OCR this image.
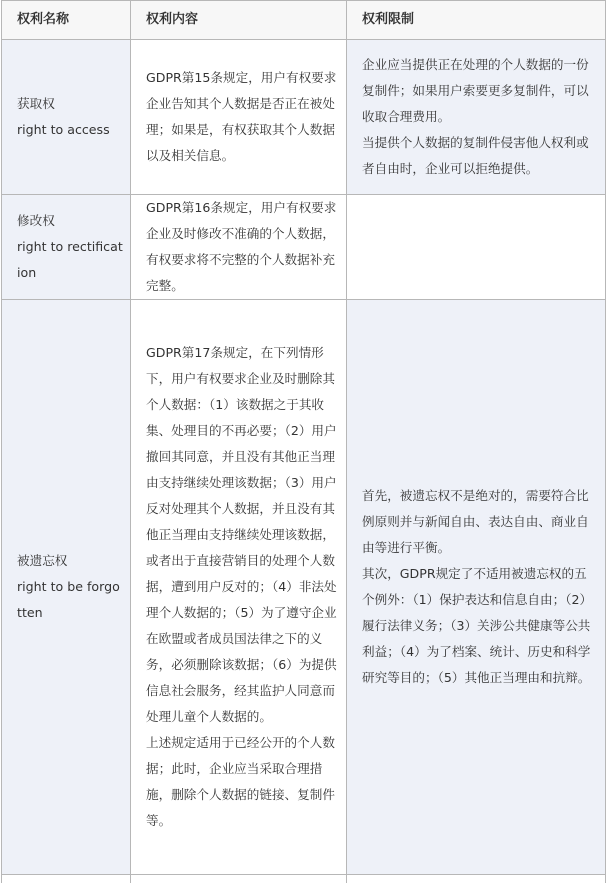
权利名称	权利内容	权利限制

获取权
right to access	GDPR第15条规定，用户有权要求企业告知其个人数据是否正在被处理；如果是，有权获取其个人数据以及相关信息。	企业应当提供正在处理的个人数据的一份复制件；如果用户索要更多复制件，可以收取合理费用。
当提供个人数据的复制件侵害他人权利或者自由时，企业可以拒绝提供。

修改权
right to rectification	GDPR第16条规定，用户有权要求企业及时修改不准确的个人数据，有权要求将不完整的个人数据补充完整。	

被遗忘权
right to be forgotten	GDPR第17条规定，在下列情形下，用户有权要求企业及时删除其个人数据：（1）该数据之于其收集、处理目的不再必要；（2）用户撤回其同意，并且没有其他正当理由支持继续处理该数据；（3）用户反对处理其个人数据，并且没有其他正当理由支持继续处理该数据，或者出于直接营销目的处理个人数据，遭到用户反对的；（4）非法处理个人数据的；（5）为了遵守企业在欧盟或者成员国法律之下的义务，必须删除该数据；（6）为提供信息社会服务，经其监护人同意而处理儿童个人数据的。
上述规定适用于已经公开的个人数据；此时，企业应当采取合理措施，删除个人数据的链接、复制件等。	首先，被遗忘权不是绝对的，需要符合比例原则并与新闻自由、表达自由、商业自由等进行平衡。
其次，GDPR规定了不适用被遗忘权的五个例外：（1）保护表达和信息自由；（2）履行法律义务；（3）关涉公共健康等公共利益；（4）为了档案、统计、历史和科学研究等目的；（5）其他正当理由和抗辩。
